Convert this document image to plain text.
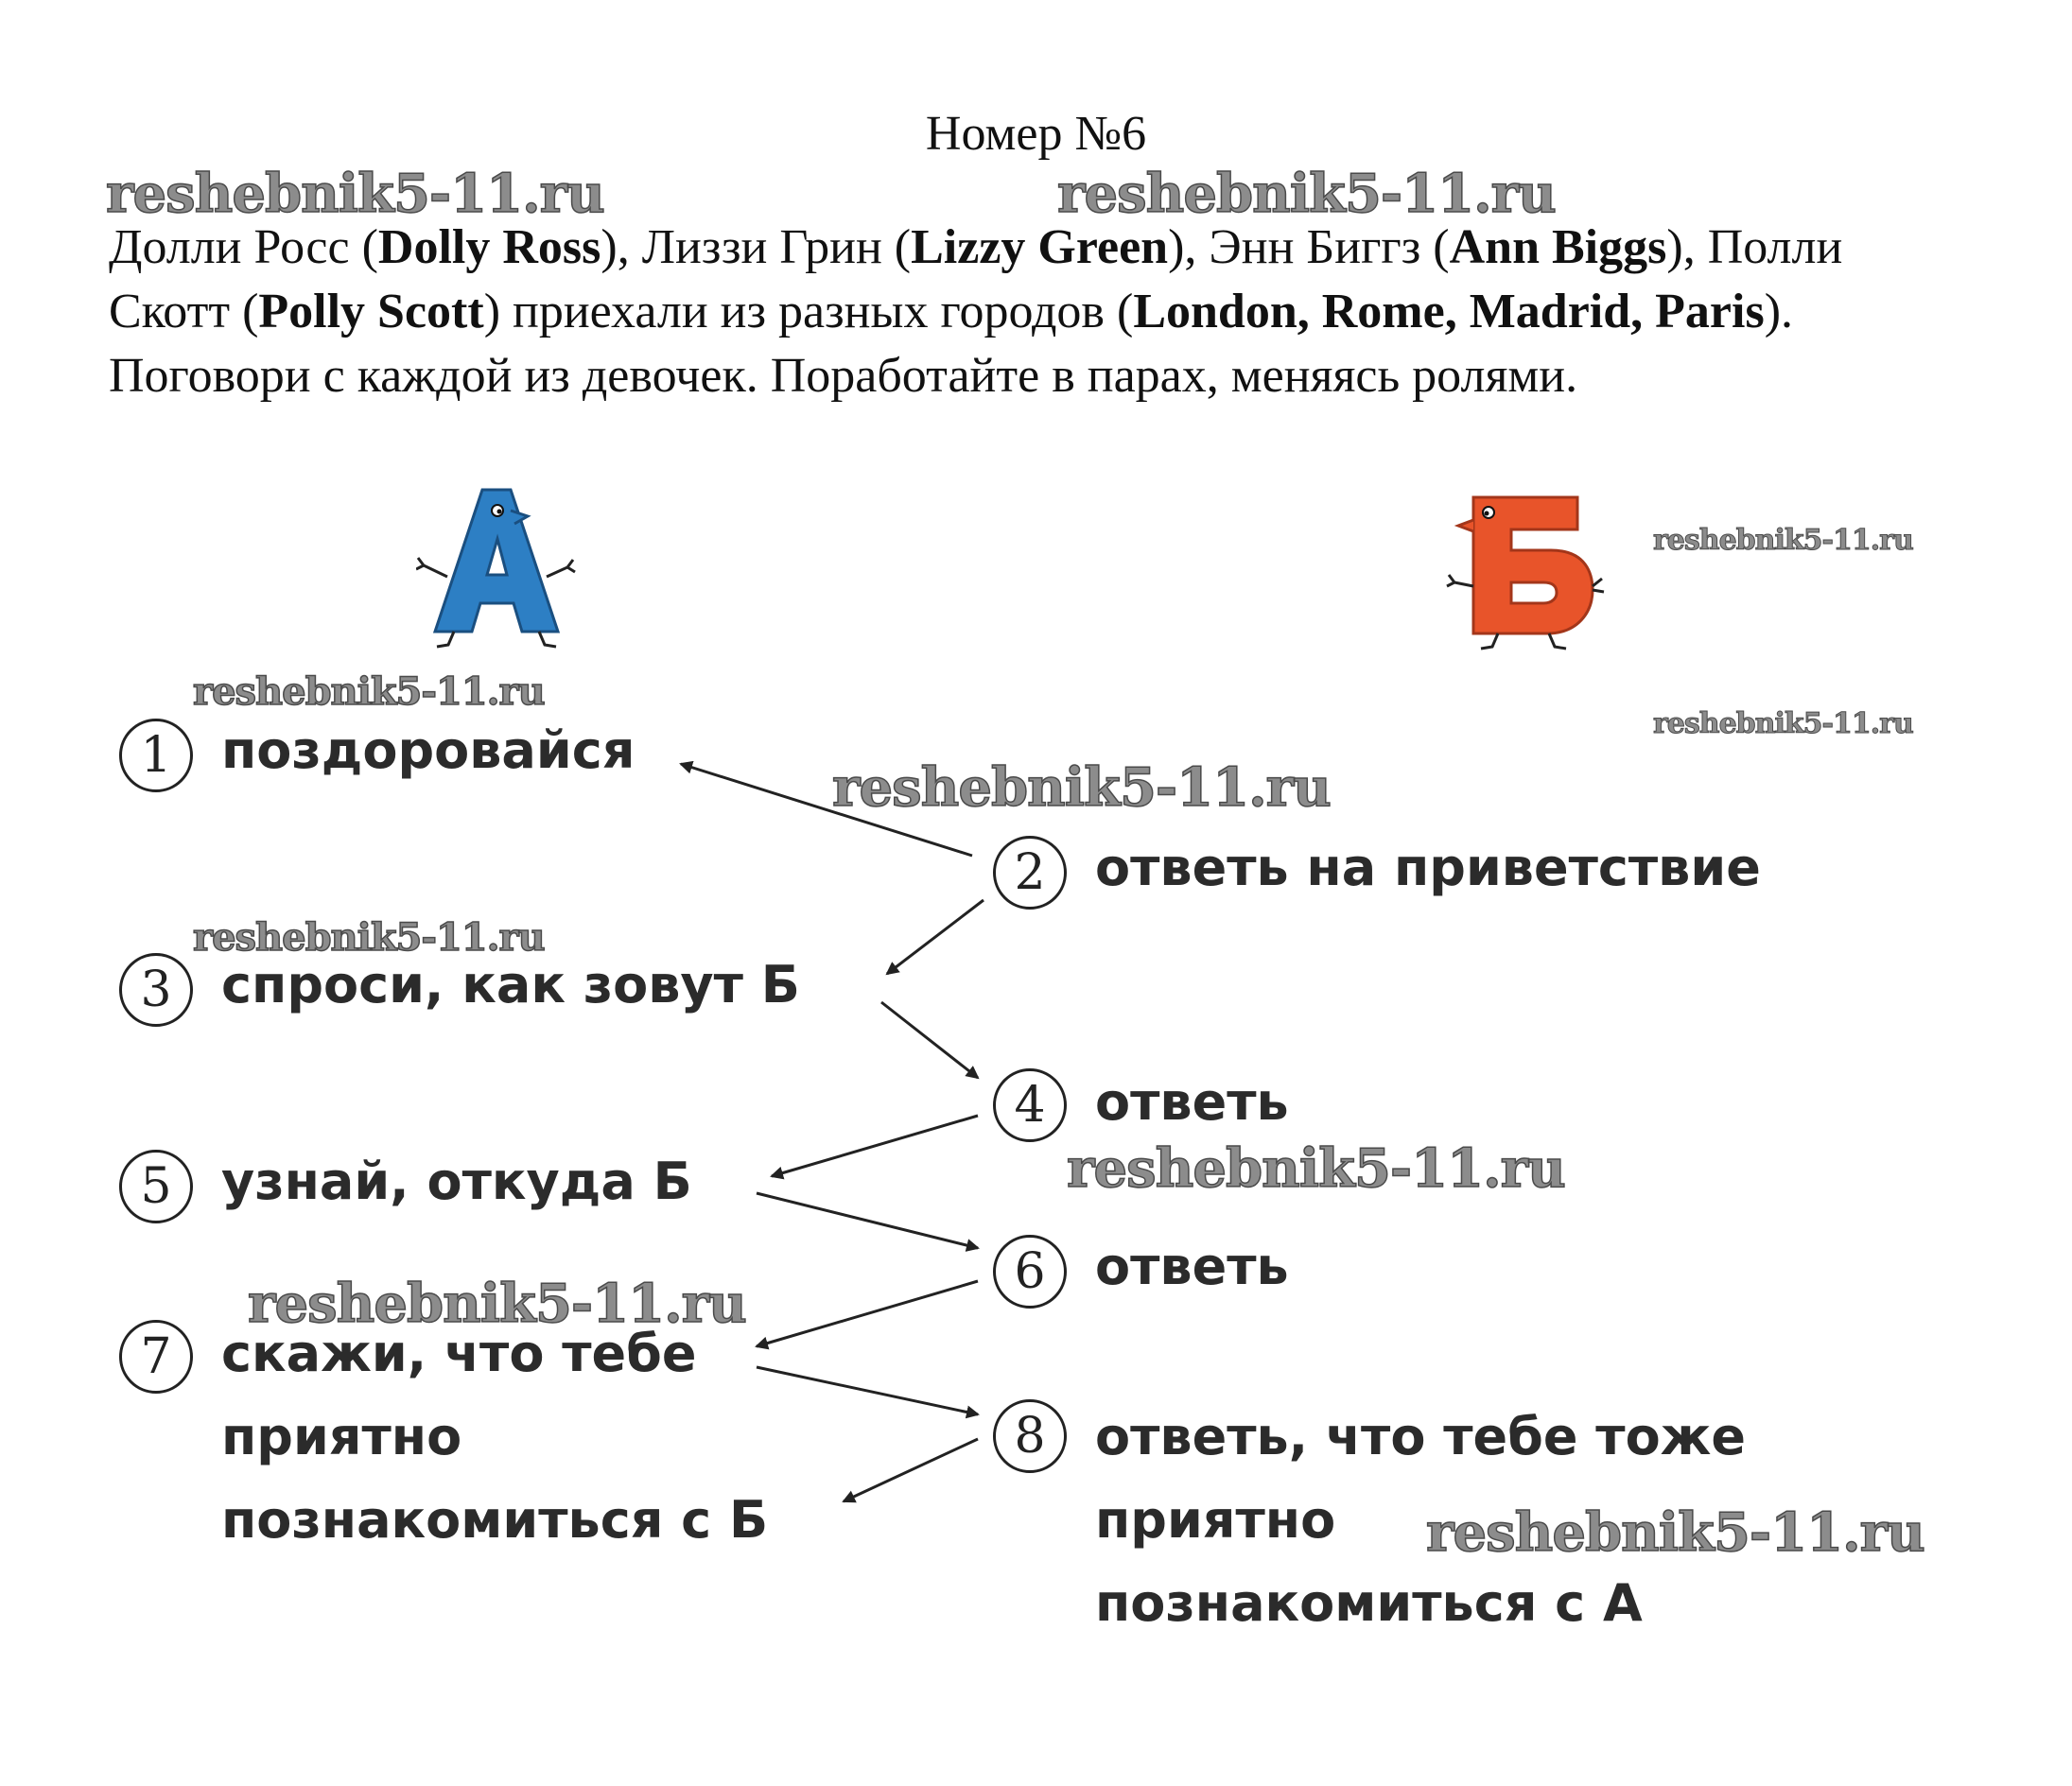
Номер №6
reshebnik5-11.ru	reshebnik5-11.ru
Долли Росс (Dolly Ross), Лиззи Грин (Lizzy Green), Энн Биггз (Ann Biggs), Полли Скотт (Polly Scott) приехали из разных городов (London, Rome, Madrid, Paris). Поговори с каждой из девочек. Поработайте в парах, меняясь ролями.
reshebnik5-11.ru
reshebnik5-11.ru
reshebnik5-11.ru
reshebnik5-11.ru
reshebnik5-11.ru
reshebnik5-11.ru
reshebnik5-11.ru
reshebnik5-11.ru
1 поздоровайся
2 ответь на приветствие
3 спроси, как зовут Б
4 ответь
5 узнай, откуда Б
6 ответь
7 скажи, что тебе
приятно
познакомиться с Б
8 ответь, что тебе тоже
приятно
познакомиться с А
